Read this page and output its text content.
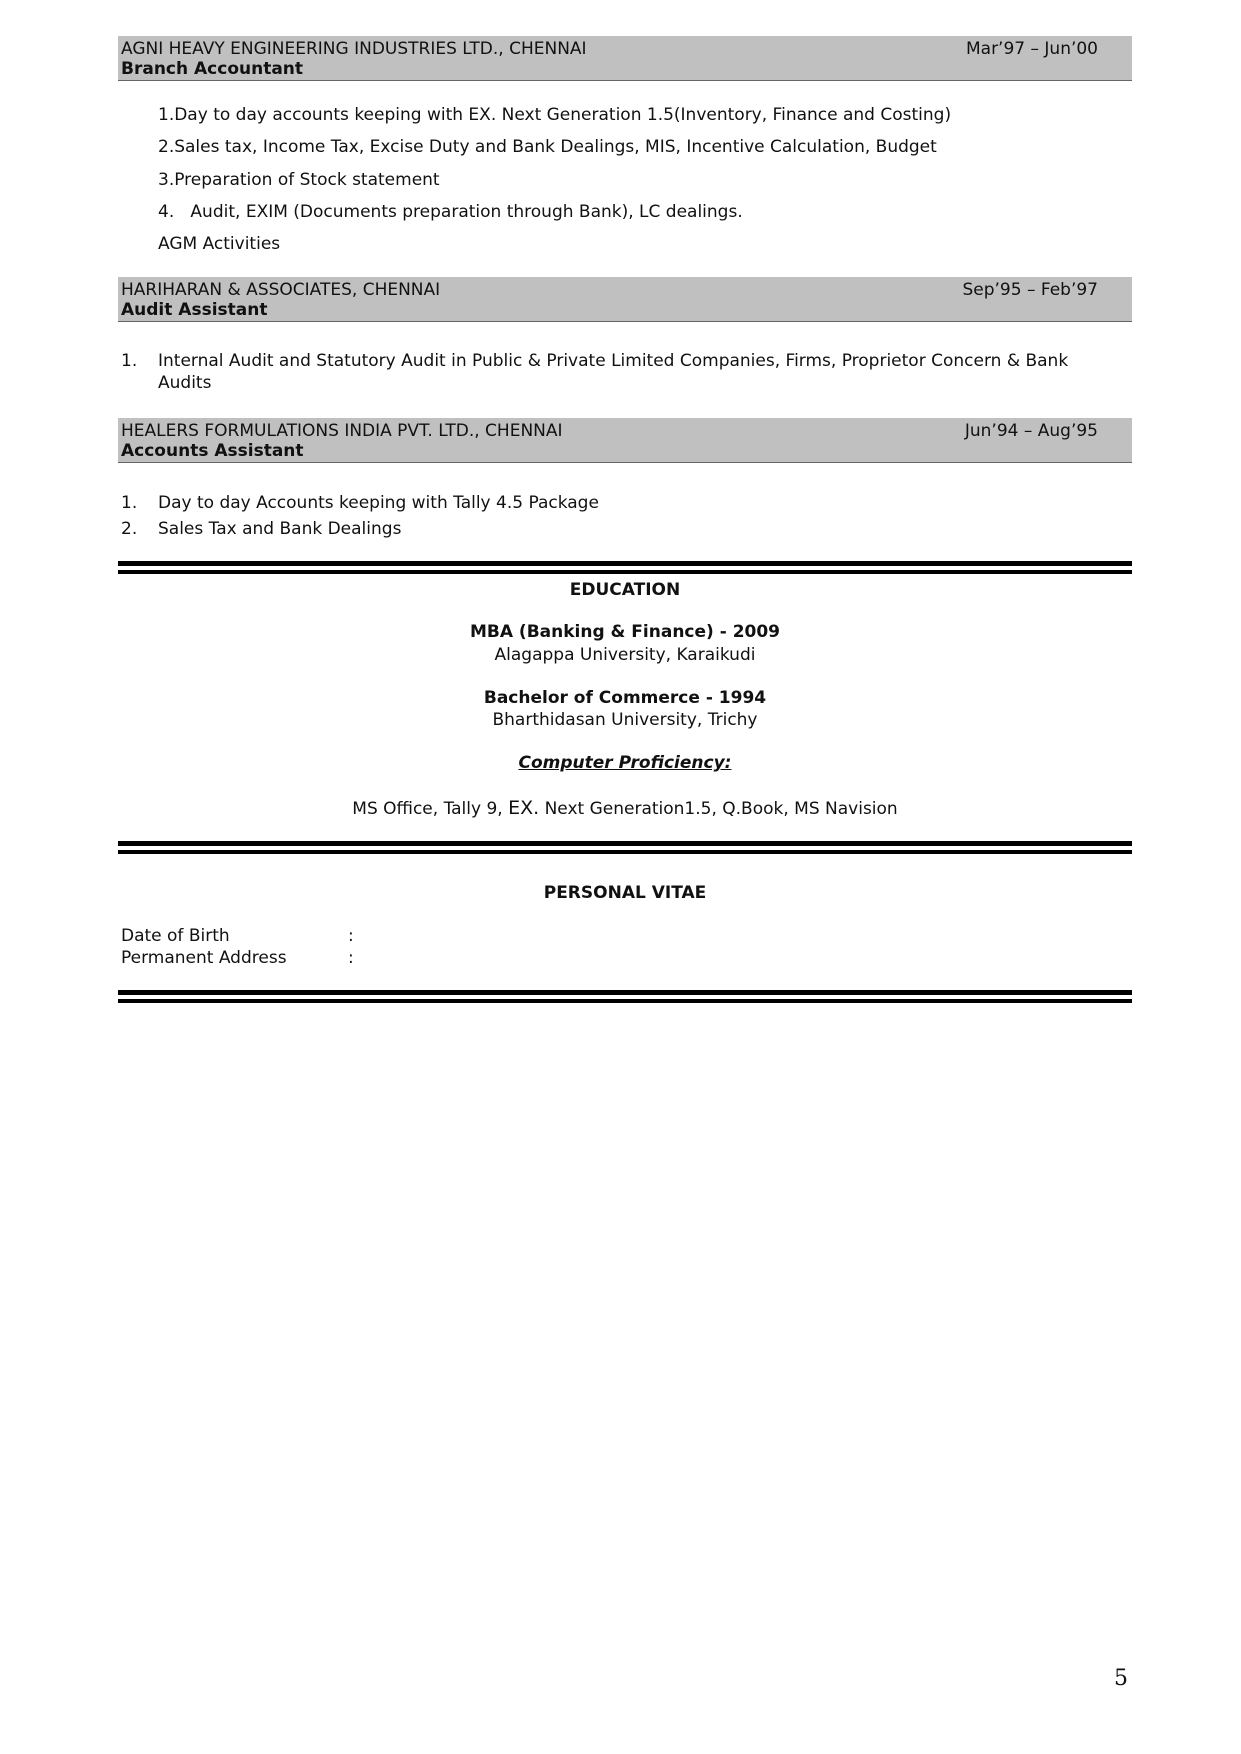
AGNI HEAVY ENGINEERING INDUSTRIES LTD., CHENNAI	Mar’97 – Jun’00
Branch Accountant
1.Day to day accounts keeping with EX. Next Generation 1.5(Inventory, Finance and Costing)
2.Sales tax, Income Tax, Excise Duty and Bank Dealings, MIS, Incentive Calculation, Budget
3.Preparation of Stock statement
4.   Audit, EXIM (Documents preparation through Bank), LC dealings.
AGM Activities
HARIHARAN & ASSOCIATES, CHENNAI	Sep’95 – Feb’97
Audit Assistant
1. Internal Audit and Statutory Audit in Public & Private Limited Companies, Firms, Proprietor Concern & Bank
Audits
HEALERS FORMULATIONS INDIA PVT. LTD., CHENNAI	Jun’94 – Aug’95
Accounts Assistant
1. Day to day Accounts keeping with Tally 4.5 Package
2. Sales Tax and Bank Dealings
EDUCATION
MBA (Banking & Finance) - 2009
Alagappa University, Karaikudi
Bachelor of Commerce - 1994
Bharthidasan University, Trichy
Computer Proficiency:
MS Office, Tally 9, EX. Next Generation1.5, Q.Book, MS Navision
PERSONAL VITAE
Date of Birth	:
Permanent Address	:
5
